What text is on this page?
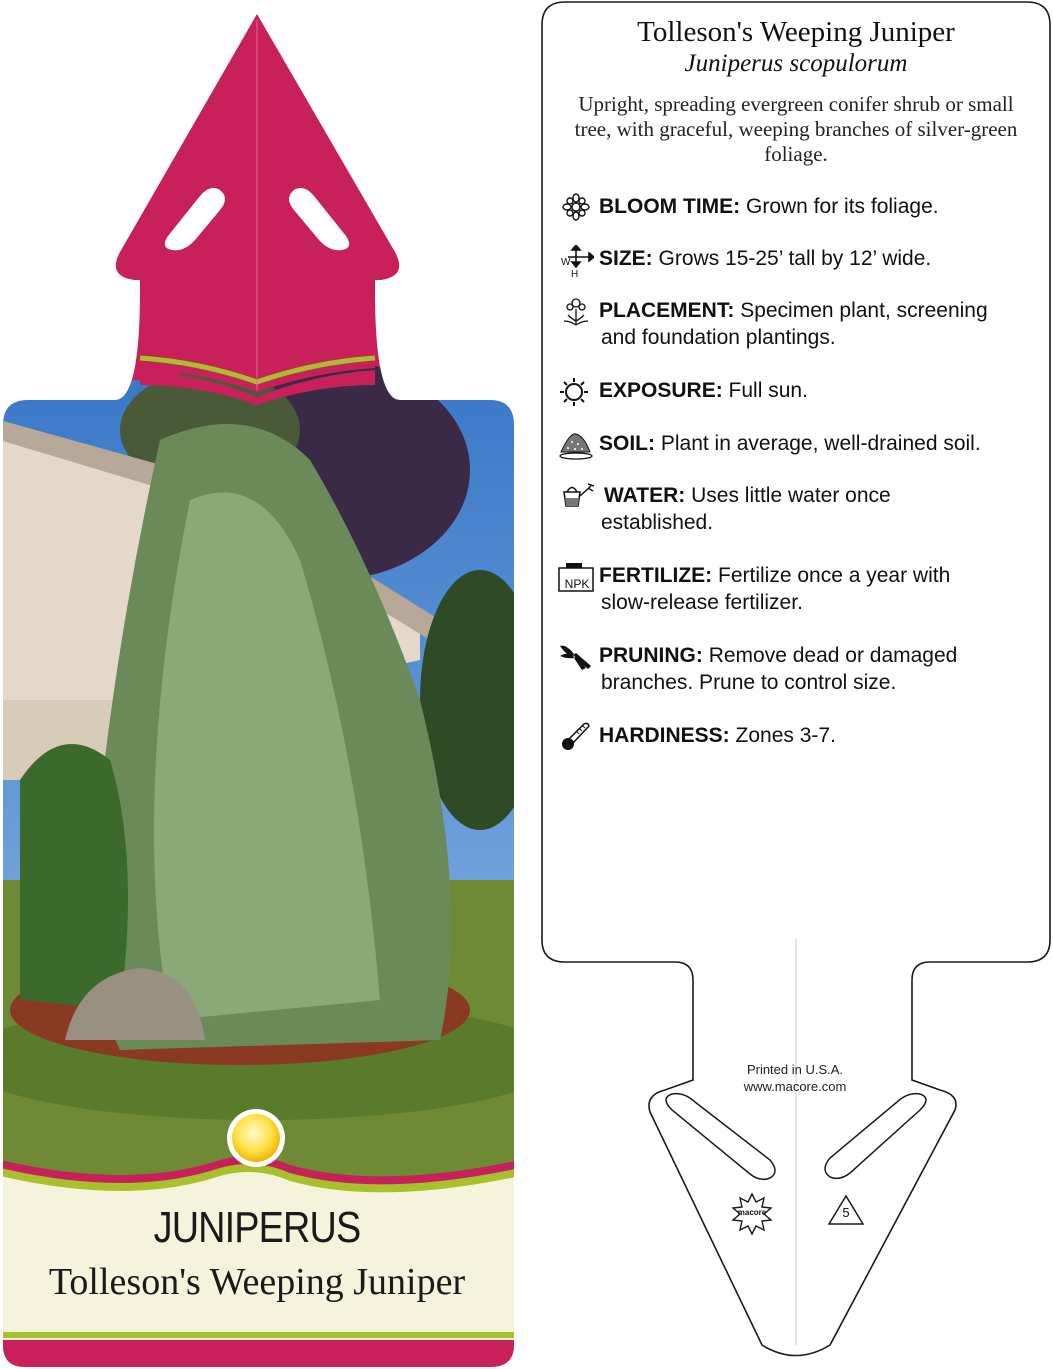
JUNIPERUS
Tolleson's Weeping Juniper
macore	5
Tolleson's Weeping Juniper
Juniperus scopulorum
Upright, spreading evergreen conifer shrub or small tree, with graceful, weeping branches of silver-green foliage.
BLOOM TIME: Grown for its foliage.
W
H
SIZE: Grows 15-25’ tall by 12’ wide.
PLACEMENT: Specimen plant, screening
and foundation plantings.
EXPOSURE: Full sun.
SOIL: Plant in average, well-drained soil.
WATER: Uses little water once
established.
NPK FERTILIZE: Fertilize once a year with
slow-release fertilizer.
PRUNING: Remove dead or damaged
branches. Prune to control size.
HARDINESS: Zones 3-7.
Printed in U.S.A.
www.macore.com
